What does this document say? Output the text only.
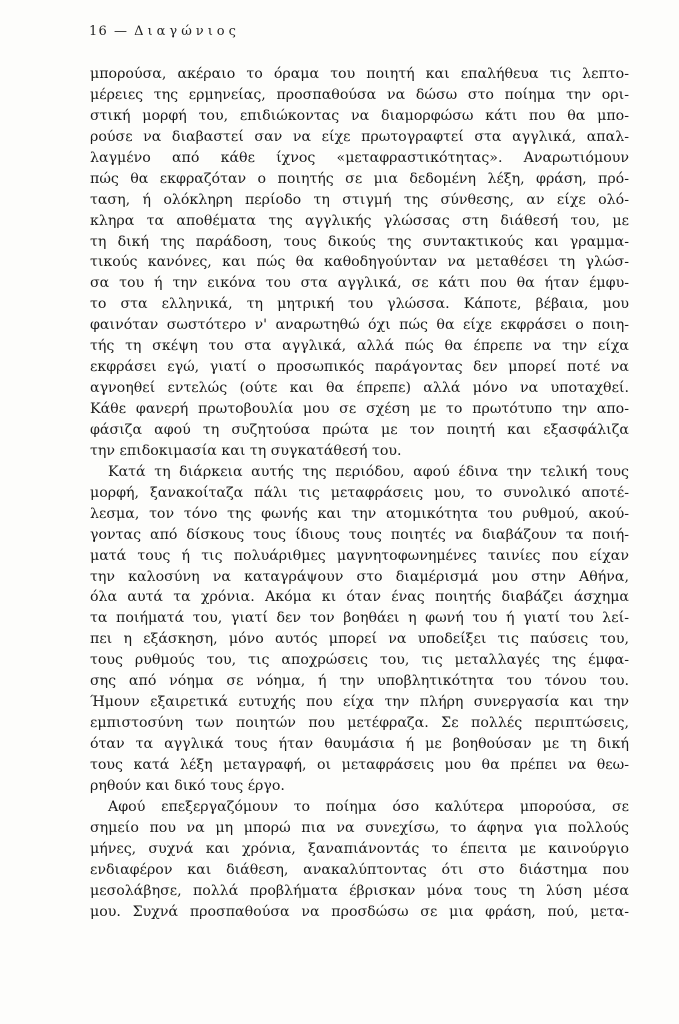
16 — Διαγώνιος
μπορούσα, ακέραιο το όραμα του ποιητή και επαλήθευα τις λεπτο-
μέρειες της ερμηνείας, προσπαθούσα να δώσω στο ποίημα την ορι-
στική μορφή του, επιδιώκοντας να διαμορφώσω κάτι που θα μπο-
ρούσε να διαβαστεί σαν να είχε πρωτογραφτεί στα αγγλικά, απαλ-
λαγμένο από κάθε ίχνος «μεταφραστικότητας». Αναρωτιόμουν
πώς θα εκφραζόταν ο ποιητής σε μια δεδομένη λέξη, φράση, πρό-
ταση, ή ολόκληρη περίοδο τη στιγμή της σύνθεσης, αν είχε ολό-
κληρα τα αποθέματα της αγγλικής γλώσσας στη διάθεσή του, με
τη δική της παράδοση, τους δικούς της συντακτικούς και γραμμα-
τικούς κανόνες, και πώς θα καθοδηγούνταν να μεταθέσει τη γλώσ-
σα του ή την εικόνα του στα αγγλικά, σε κάτι που θα ήταν έμφυ-
το στα ελληνικά, τη μητρική του γλώσσα. Κάποτε, βέβαια, μου
φαινόταν σωστότερο ν' αναρωτηθώ όχι πώς θα είχε εκφράσει ο ποιη-
τής τη σκέψη του στα αγγλικά, αλλά πώς θα έπρεπε να την είχα
εκφράσει εγώ, γιατί ο προσωπικός παράγοντας δεν μπορεί ποτέ να
αγνοηθεί εντελώς (ούτε και θα έπρεπε) αλλά μόνο να υποταχθεί.
Κάθε φανερή πρωτοβουλία μου σε σχέση με το πρωτότυπο την απο-
φάσιζα αφού τη συζητούσα πρώτα με τον ποιητή και εξασφάλιζα
την επιδοκιμασία και τη συγκατάθεσή του.
Κατά τη διάρκεια αυτής της περιόδου, αφού έδινα την τελική τους
μορφή, ξανακοίταζα πάλι τις μεταφράσεις μου, το συνολικό αποτέ-
λεσμα, τον τόνο της φωνής και την ατομικότητα του ρυθμού, ακού-
γοντας από δίσκους τους ίδιους τους ποιητές να διαβάζουν τα ποιή-
ματά τους ή τις πολυάριθμες μαγνητοφωνημένες ταινίες που είχαν
την καλοσύνη να καταγράψουν στο διαμέρισμά μου στην Αθήνα,
όλα αυτά τα χρόνια. Ακόμα κι όταν ένας ποιητής διαβάζει άσχημα
τα ποιήματά του, γιατί δεν τον βοηθάει η φωνή του ή γιατί του λεί-
πει η εξάσκηση, μόνο αυτός μπορεί να υποδείξει τις παύσεις του,
τους ρυθμούς του, τις αποχρώσεις του, τις μεταλλαγές της έμφα-
σης από νόημα σε νόημα, ή την υποβλητικότητα του τόνου του.
Ήμουν εξαιρετικά ευτυχής που είχα την πλήρη συνεργασία και την
εμπιστοσύνη των ποιητών που μετέφραζα. Σε πολλές περιπτώσεις,
όταν τα αγγλικά τους ήταν θαυμάσια ή με βοηθούσαν με τη δική
τους κατά λέξη μεταγραφή, οι μεταφράσεις μου θα πρέπει να θεω-
ρηθούν και δικό τους έργο.
Αφού επεξεργαζόμουν το ποίημα όσο καλύτερα μπορούσα, σε
σημείο που να μη μπορώ πια να συνεχίσω, το άφηνα για πολλούς
μήνες, συχνά και χρόνια, ξαναπιάνοντάς το έπειτα με καινούργιο
ενδιαφέρον και διάθεση, ανακαλύπτοντας ότι στο διάστημα που
μεσολάβησε, πολλά προβλήματα έβρισκαν μόνα τους τη λύση μέσα
μου. Συχνά προσπαθούσα να προσδώσω σε μια φράση, πού, μετα-
